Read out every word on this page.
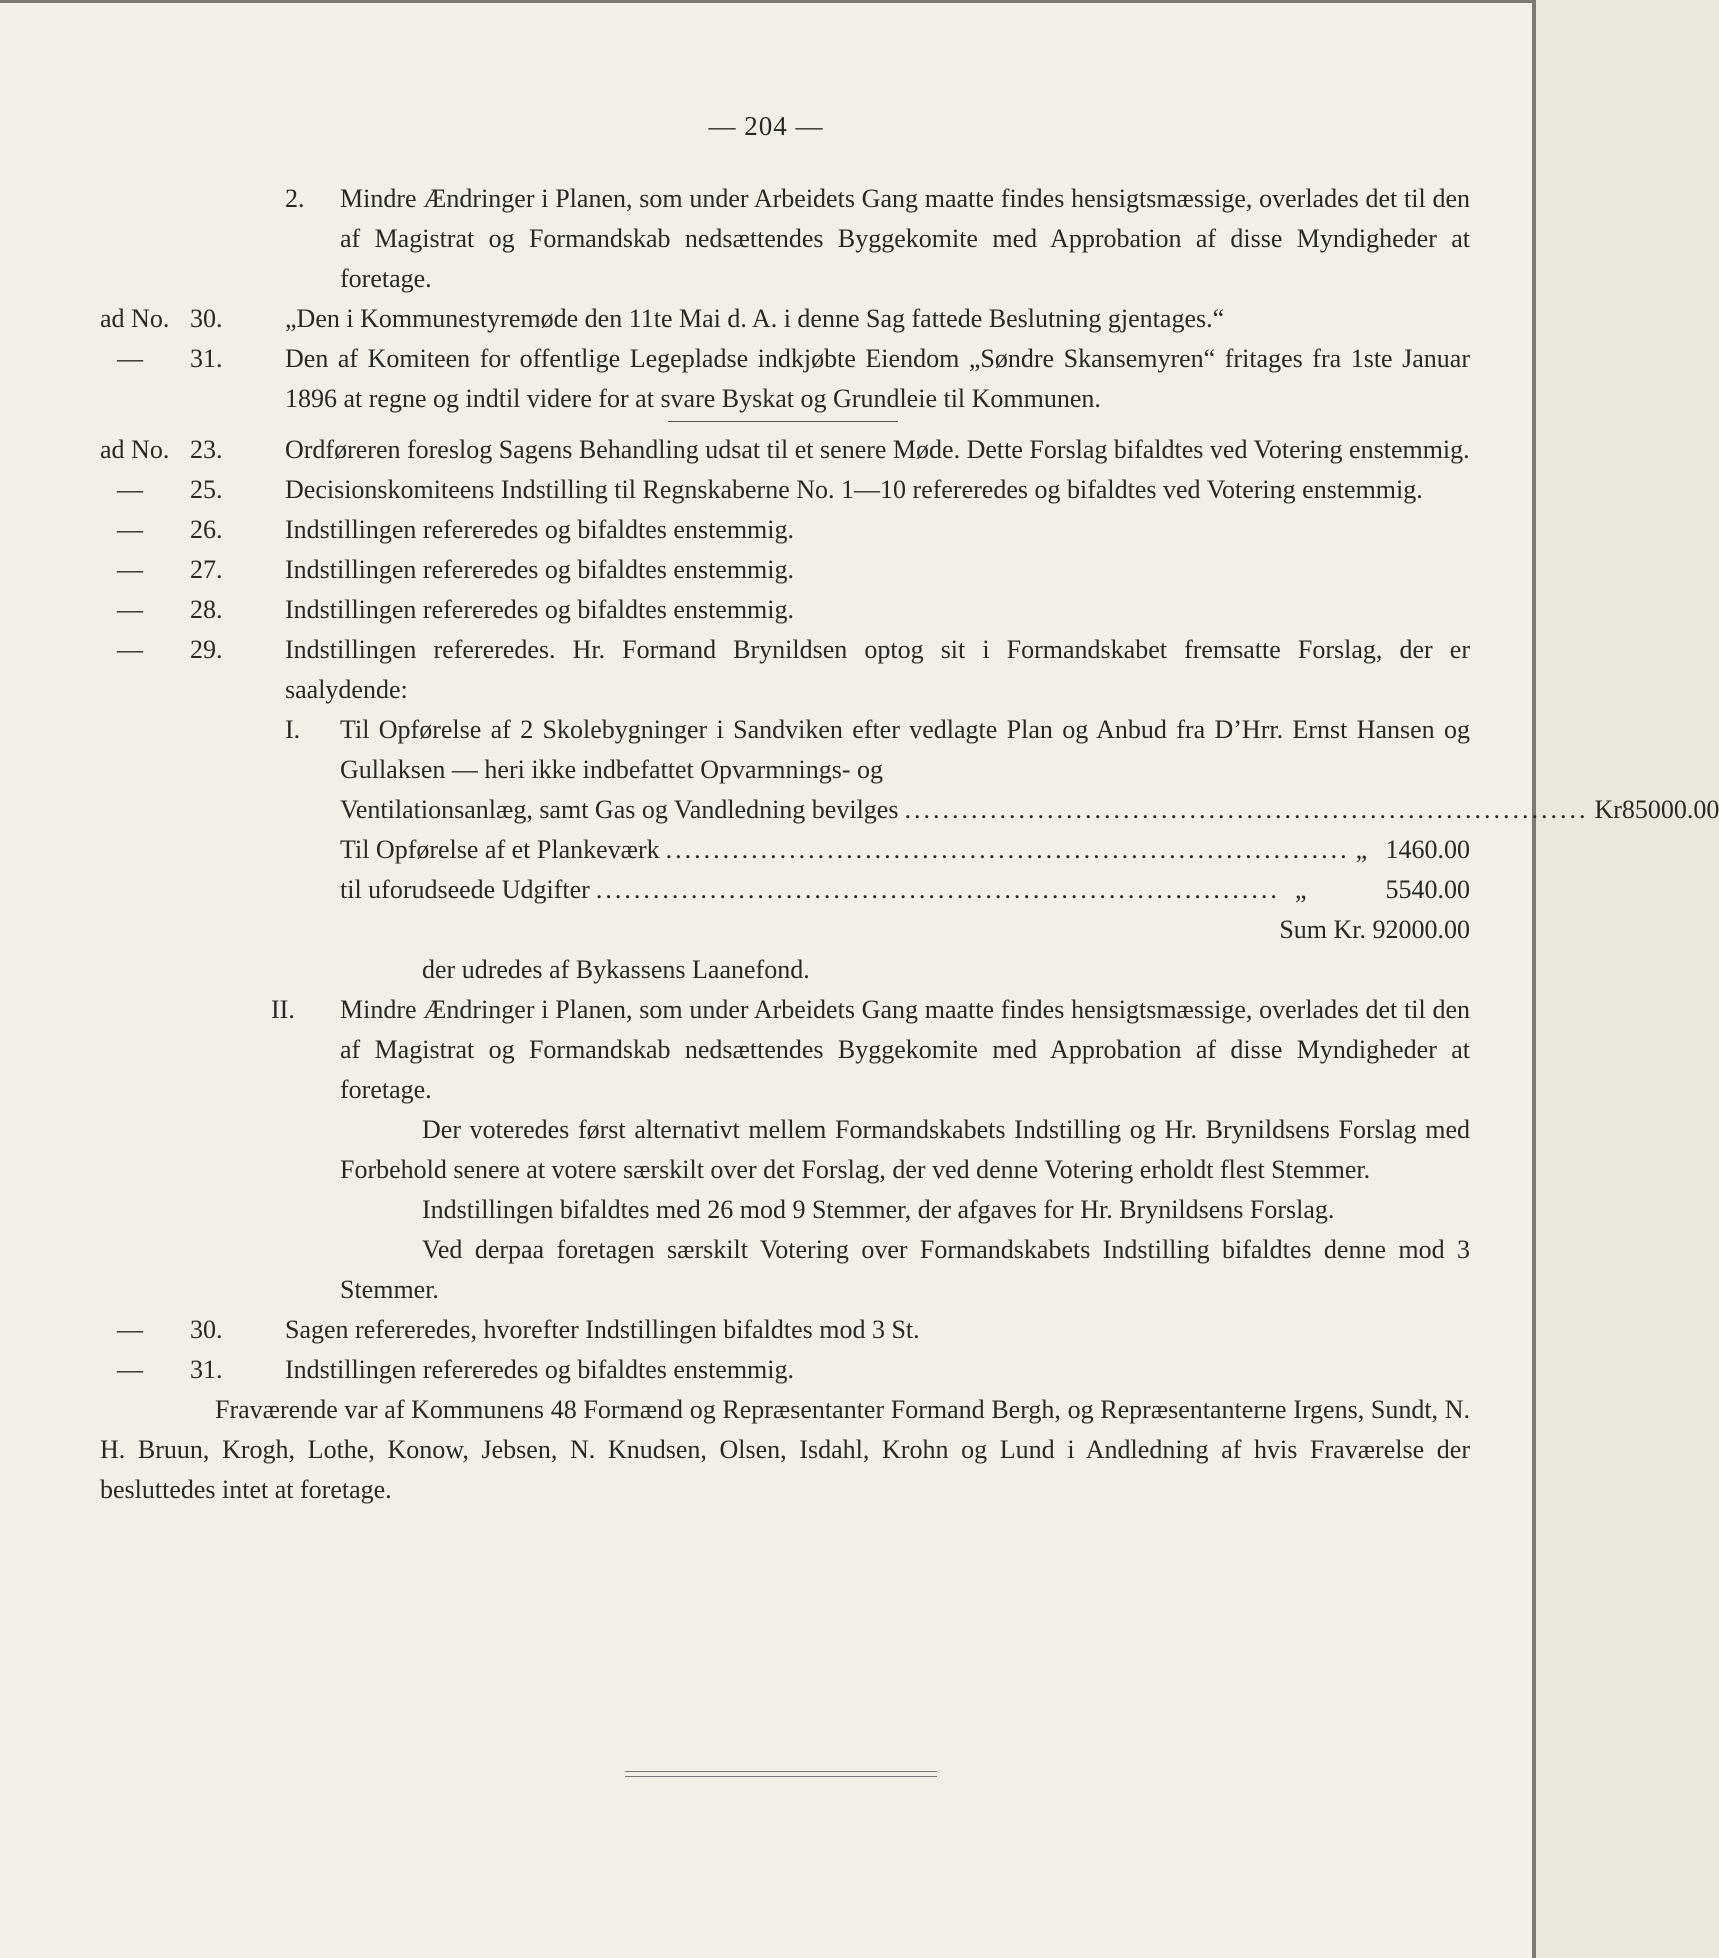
— 204 —
2. Mindre Ændringer i Planen, som under Arbeidets Gang maatte findes hensigtsmæssige, overlades det til den af Magistrat og Formandskab nedsættendes Byggekomite med Approbation af disse Myndigheder at foretage.
ad No. 30.	„Den i Kommunestyremøde den 11te Mai d. A. i denne Sag fattede Beslutning gjentages.“
— 31.	Den af Komiteen for offentlige Legepladse indkjøbte Eiendom „Søndre Skansemyren“ fritages fra 1ste Januar 1896 at regne og indtil videre for at svare Byskat og Grundleie til Kommunen.
ad No. 23.	Ordføreren foreslog Sagens Behandling udsat til et senere Møde. Dette Forslag bifaldtes ved Votering enstemmig.
— 25.	Decisionskomiteens Indstilling til Regnskaberne No. 1—10 refereredes og bifaldtes ved Votering enstemmig.
— 26.	Indstillingen refereredes og bifaldtes enstemmig.
— 27.	Indstillingen refereredes og bifaldtes enstemmig.
— 28.	Indstillingen refereredes og bifaldtes enstemmig.
— 29.	Indstillingen refereredes. Hr. Formand Brynildsen optog sit i Formandskabet fremsatte Forslag, der er saalydende:
I. Til Opførelse af 2 Skolebygninger i Sandviken efter vedlagte Plan og Anbud fra D’Hrr. Ernst Hansen og Gullaksen — heri ikke indbefattet Opvarmnings- og
Ventilationsanlæg, samt Gas og Vandledning bevilges ........................................................................ Kr 85000.00
Til Opførelse af et Plankeværk ........................................................................ „ 1460.00
til uforudseede Udgifter ........................................................................ „	5540.00
Sum Kr. 92000.00
der udredes af Bykassens Laanefond.
II. Mindre Ændringer i Planen, som under Arbeidets Gang maatte findes hensigtsmæssige, overlades det til den af Magistrat og Formandskab nedsættendes Byggekomite med Approbation af disse Myndigheder at foretage.
Der voteredes først alternativt mellem Formandskabets Indstilling og Hr. Brynildsens Forslag med Forbehold senere at votere særskilt over det Forslag, der ved denne Votering erholdt flest Stemmer.
Indstillingen bifaldtes med 26 mod 9 Stemmer, der afgaves for Hr. Brynildsens Forslag.
Ved derpaa foretagen særskilt Votering over Formandskabets Indstilling bifaldtes denne mod 3 Stemmer.
— 30.	Sagen refereredes, hvorefter Indstillingen bifaldtes mod 3 St.
— 31.	Indstillingen refereredes og bifaldtes enstemmig.
Fraværende var af Kommunens 48 Formænd og Repræsentanter Formand Bergh, og Repræsentanterne Irgens, Sundt, N. H. Bruun, Krogh, Lothe, Konow, Jebsen, N. Knudsen, Olsen, Isdahl, Krohn og Lund i Andledning af hvis Fraværelse der besluttedes intet at foretage.
